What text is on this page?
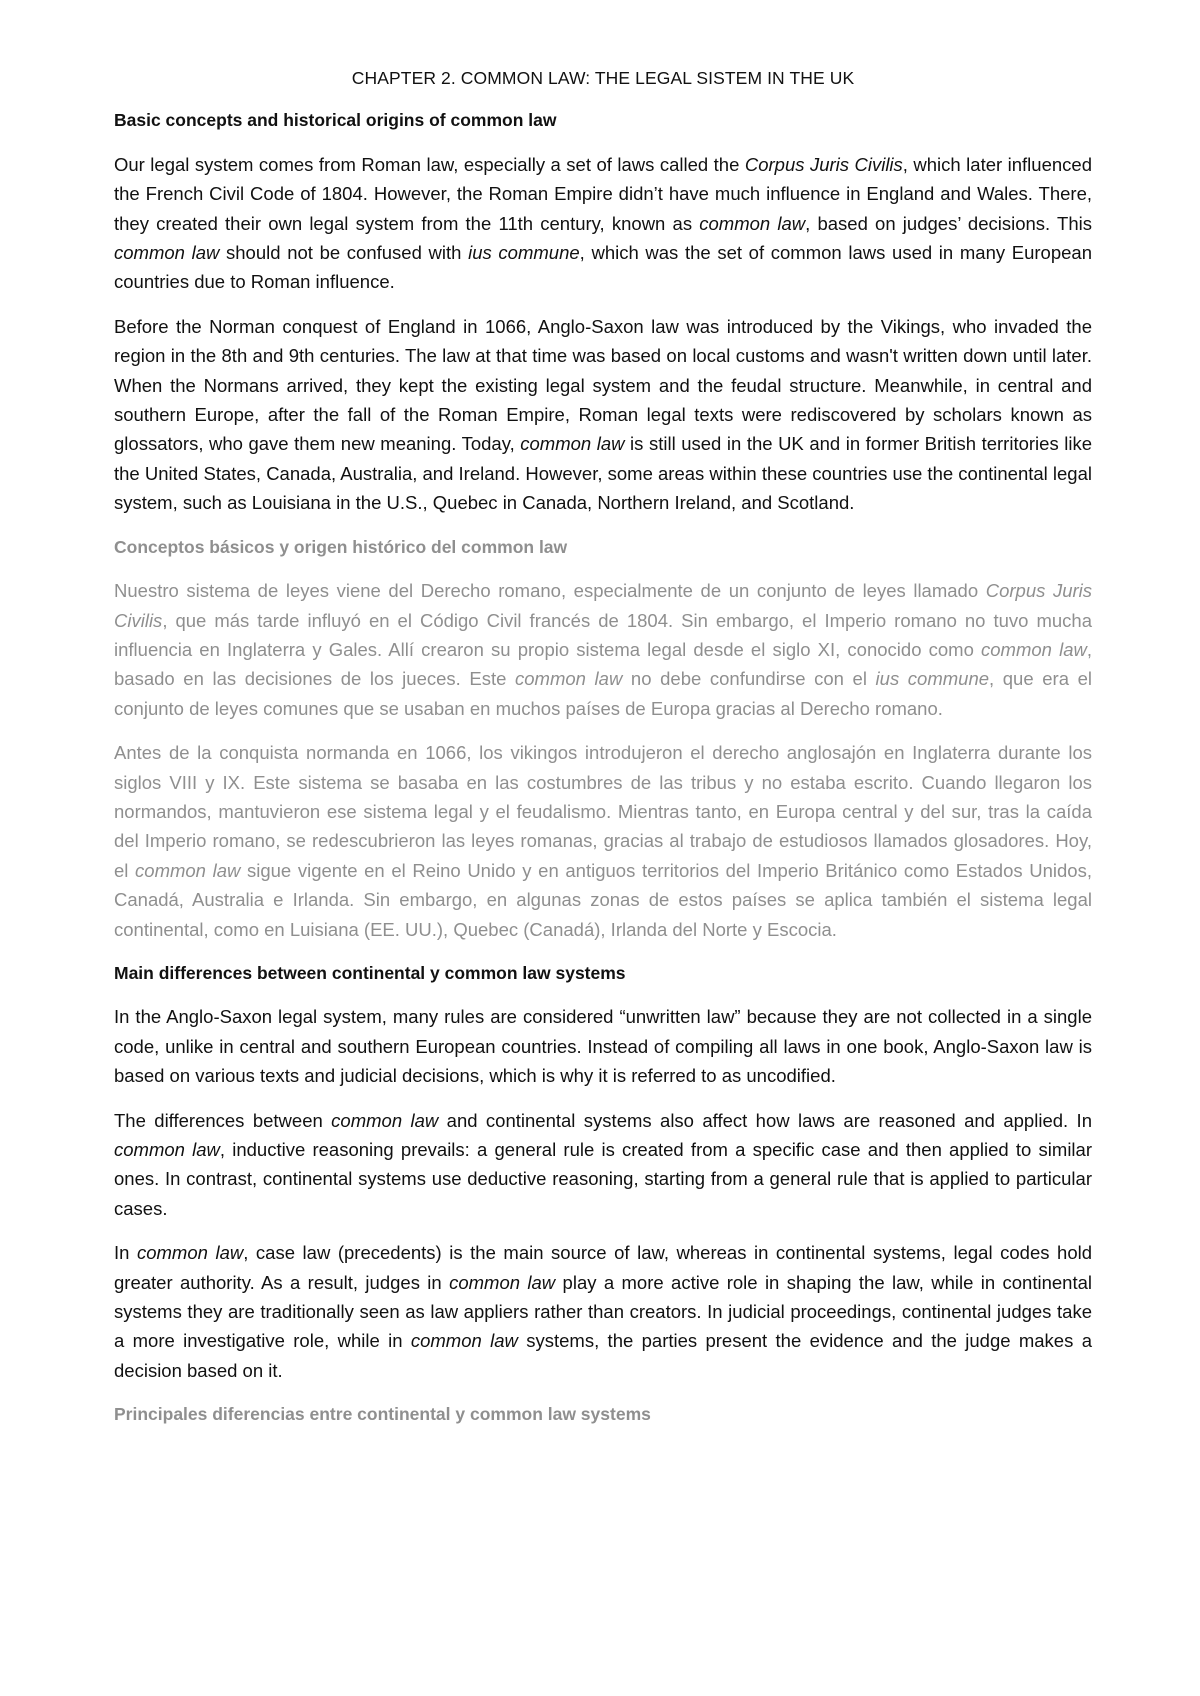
CHAPTER 2. COMMON LAW: THE LEGAL SISTEM IN THE UK
Basic concepts and historical origins of common law
Our legal system comes from Roman law, especially a set of laws called the Corpus Juris Civilis, which later influenced the French Civil Code of 1804. However, the Roman Empire didn’t have much influence in England and Wales. There, they created their own legal system from the 11th century, known as common law, based on judges’ decisions. This common law should not be confused with ius commune, which was the set of common laws used in many European countries due to Roman influence.
Before the Norman conquest of England in 1066, Anglo-Saxon law was introduced by the Vikings, who invaded the region in the 8th and 9th centuries. The law at that time was based on local customs and wasn't written down until later. When the Normans arrived, they kept the existing legal system and the feudal structure. Meanwhile, in central and southern Europe, after the fall of the Roman Empire, Roman legal texts were rediscovered by scholars known as glossators, who gave them new meaning. Today, common law is still used in the UK and in former British territories like the United States, Canada, Australia, and Ireland. However, some areas within these countries use the continental legal system, such as Louisiana in the U.S., Quebec in Canada, Northern Ireland, and Scotland.
Conceptos básicos y origen histórico del common law
Nuestro sistema de leyes viene del Derecho romano, especialmente de un conjunto de leyes llamado Corpus Juris Civilis, que más tarde influyó en el Código Civil francés de 1804. Sin embargo, el Imperio romano no tuvo mucha influencia en Inglaterra y Gales. Allí crearon su propio sistema legal desde el siglo XI, conocido como common law, basado en las decisiones de los jueces. Este common law no debe confundirse con el ius commune, que era el conjunto de leyes comunes que se usaban en muchos países de Europa gracias al Derecho romano.
Antes de la conquista normanda en 1066, los vikingos introdujeron el derecho anglosajón en Inglaterra durante los siglos VIII y IX. Este sistema se basaba en las costumbres de las tribus y no estaba escrito. Cuando llegaron los normandos, mantuvieron ese sistema legal y el feudalismo. Mientras tanto, en Europa central y del sur, tras la caída del Imperio romano, se redescubrieron las leyes romanas, gracias al trabajo de estudiosos llamados glosadores. Hoy, el common law sigue vigente en el Reino Unido y en antiguos territorios del Imperio Británico como Estados Unidos, Canadá, Australia e Irlanda. Sin embargo, en algunas zonas de estos países se aplica también el sistema legal continental, como en Luisiana (EE. UU.), Quebec (Canadá), Irlanda del Norte y Escocia.
Main differences between continental y common law systems
In the Anglo-Saxon legal system, many rules are considered “unwritten law” because they are not collected in a single code, unlike in central and southern European countries. Instead of compiling all laws in one book, Anglo-Saxon law is based on various texts and judicial decisions, which is why it is referred to as uncodified.
The differences between common law and continental systems also affect how laws are reasoned and applied. In common law, inductive reasoning prevails: a general rule is created from a specific case and then applied to similar ones. In contrast, continental systems use deductive reasoning, starting from a general rule that is applied to particular cases.
In common law, case law (precedents) is the main source of law, whereas in continental systems, legal codes hold greater authority. As a result, judges in common law play a more active role in shaping the law, while in continental systems they are traditionally seen as law appliers rather than creators. In judicial proceedings, continental judges take a more investigative role, while in common law systems, the parties present the evidence and the judge makes a decision based on it.
Principales diferencias entre continental y common law systems
